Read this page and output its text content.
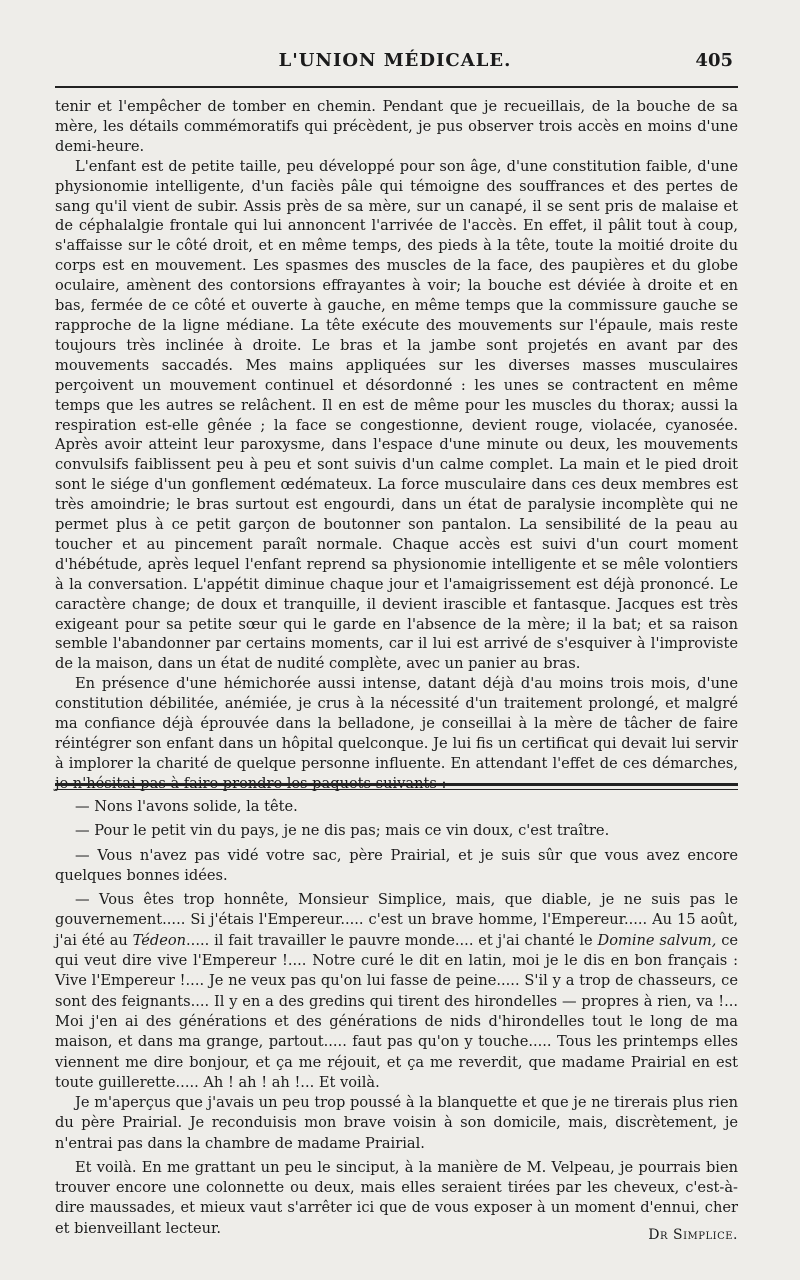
L'UNION MÉDICALE.	405

tenir et l'empêcher de tomber en chemin. Pendant que je recueillais, de la bouche de sa mère, les détails commémoratifs qui précèdent, je pus observer trois accès en moins d'une demi-heure.

L'enfant est de petite taille, peu développé pour son âge, d'une constitution faible, d'une physionomie intelligente, d'un faciès pâle qui témoigne des souffrances et des pertes de sang qu'il vient de subir. Assis près de sa mère, sur un canapé, il se sent pris de malaise et de céphalalgie frontale qui lui annoncent l'arrivée de l'accès. En effet, il pâlit tout à coup, s'affaisse sur le côté droit, et en même temps, des pieds à la tête, toute la moitié droite du corps est en mouvement. Les spasmes des muscles de la face, des paupières et du globe oculaire, amènent des contorsions effrayantes à voir; la bouche est déviée à droite et en bas, fermée de ce côté et ouverte à gauche, en même temps que la commissure gauche se rapproche de la ligne médiane. La tête exécute des mouvements sur l'épaule, mais reste toujours très inclinée à droite. Le bras et la jambe sont projetés en avant par des mouvements saccadés. Mes mains appliquées sur les diverses masses musculaires perçoivent un mouvement continuel et désordonné : les unes se contractent en même temps que les autres se relâchent. Il en est de même pour les muscles du thorax; aussi la respiration est-elle gênée ; la face se congestionne, devient rouge, violacée, cyanosée. Après avoir atteint leur paroxysme, dans l'espace d'une minute ou deux, les mouvements convulsifs faiblissent peu à peu et sont suivis d'un calme complet. La main et le pied droit sont le siége d'un gonflement œdémateux. La force musculaire dans ces deux membres est très amoindrie; le bras surtout est engourdi, dans un état de paralysie incomplète qui ne permet plus à ce petit garçon de boutonner son pantalon. La sensibilité de la peau au toucher et au pincement paraît normale. Chaque accès est suivi d'un court moment d'hébétude, après lequel l'enfant reprend sa physionomie intelligente et se mêle volontiers à la conversation. L'appétit diminue chaque jour et l'amaigrissement est déjà prononcé. Le caractère change; de doux et tranquille, il devient irascible et fantasque. Jacques est très exigeant pour sa petite sœur qui le garde en l'absence de la mère; il la bat; et sa raison semble l'abandonner par certains moments, car il lui est arrivé de s'esquiver à l'improviste de la maison, dans un état de nudité complète, avec un panier au bras.

En présence d'une hémichorée aussi intense, datant déjà d'au moins trois mois, d'une constitution débilitée, anémiée, je crus à la nécessité d'un traitement prolongé, et malgré ma confiance déjà éprouvée dans la belladone, je conseillai à la mère de tâcher de faire réintégrer son enfant dans un hôpital quelconque. Je lui fis un certificat qui devait lui servir à implorer la charité de quelque personne influente. En attendant l'effet de ces démarches, je n'hésitai pas à faire prendre les paquets suivants :

— Nons l'avons solide, la tête.

— Pour le petit vin du pays, je ne dis pas; mais ce vin doux, c'est traître.

— Vous n'avez pas vidé votre sac, père Prairial, et je suis sûr que vous avez encore quelques bonnes idées.

— Vous êtes trop honnête, Monsieur Simplice, mais, que diable, je ne suis pas le gouvernement..... Si j'étais l'Empereur..... c'est un brave homme, l'Empereur..... Au 15 août, j'ai été au Tédeon..... il fait travailler le pauvre monde.... et j'ai chanté le Domine salvum, ce qui veut dire vive l'Empereur !.... Notre curé le dit en latin, moi je le dis en bon français : Vive l'Empereur !.... Je ne veux pas qu'on lui fasse de peine..... S'il y a trop de chasseurs, ce sont des feignants.... Il y en a des gredins qui tirent des hirondelles — propres à rien, va !... Moi j'en ai des générations et des générations de nids d'hirondelles tout le long de ma maison, et dans ma grange, partout..... faut pas qu'on y touche..... Tous les printemps elles viennent me dire bonjour, et ça me réjouit, et ça me reverdit, que madame Prairial en est toute guillerette..... Ah ! ah ! ah !... Et voilà.

Je m'aperçus que j'avais un peu trop poussé à la blanquette et que je ne tirerais plus rien du père Prairial. Je reconduisis mon brave voisin à son domicile, mais, discrètement, je n'entrai pas dans la chambre de madame Prairial.

Et voilà. En me grattant un peu le sinciput, à la manière de M. Velpeau, je pourrais bien trouver encore une colonnette ou deux, mais elles seraient tirées par les cheveux, c'est-à-dire maussades, et mieux vaut s'arrêter ici que de vous exposer à un moment d'ennui, cher et bienveillant lecteur.	Dr Simplice.
